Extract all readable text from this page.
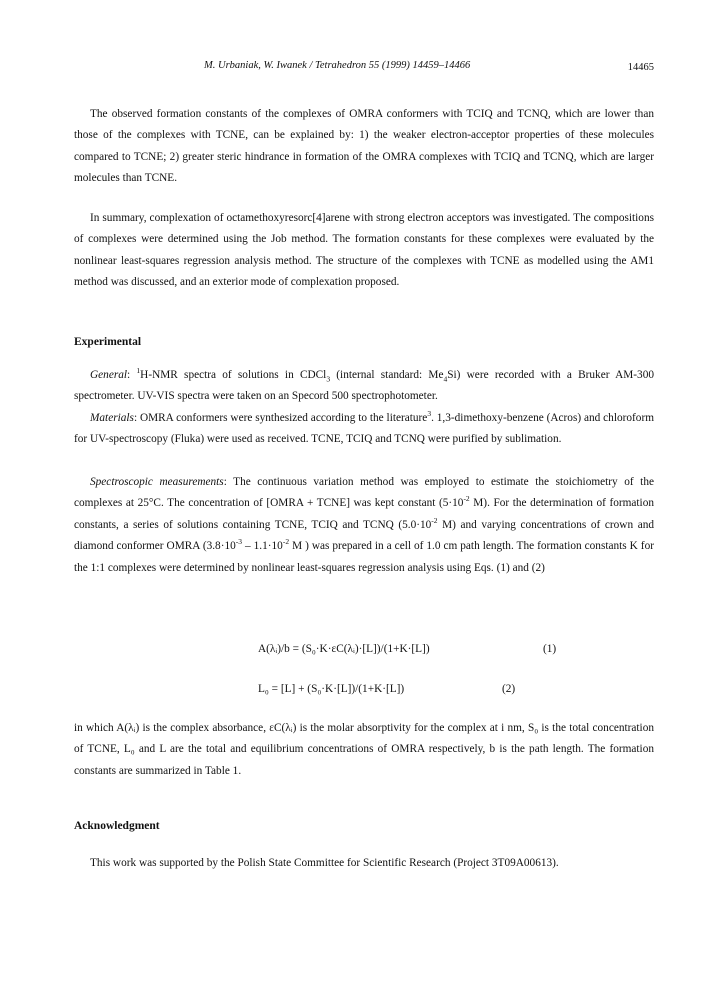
M. Urbaniak, W. Iwanek / Tetrahedron 55 (1999) 14459–14466	14465

The observed formation constants of the complexes of OMRA conformers with TCIQ and TCNQ, which are lower than those of the complexes with TCNE, can be explained by: 1) the weaker electron-acceptor properties of these molecules compared to TCNE; 2) greater steric hindrance in formation of the OMRA complexes with TCIQ and TCNQ, which are larger molecules than TCNE.

In summary, complexation of octamethoxyresorc[4]arene with strong electron acceptors was investigated. The compositions of complexes were determined using the Job method. The formation constants for these complexes were evaluated by the nonlinear least-squares regression analysis method. The structure of the complexes with TCNE as modelled using the AM1 method was discussed, and an exterior mode of complexation proposed.

Experimental

General: $^1$H-NMR spectra of solutions in CDCl$_3$ (internal standard: $Me_4Si$) were recorded with a Bruker AM-300 spectrometer. UV-VIS spectra were taken on an Specord 500 spectrophotometer.

Materials: OMRA conformers were synthesized according to the literature$^3$. 1,3-dimethoxy-benzene (Acros) and chloroform for UV-spectroscopy (Fluka) were used as received. TCNE, TCIQ and TCNQ were purified by sublimation.

Spectroscopic measurements: The continuous variation method was employed to estimate the stoichiometry of the complexes at 25°C. The concentration of [OMRA + TCNE] was kept constant ($5\cdot 10^{-2}$ M). For the determination of formation constants, a series of solutions containing TCNE, TCIQ and TCNQ ($5.0\cdot 10^{-2}$ M) and varying concentrations of crown and diamond conformer OMRA ($3.8\cdot 10^{-3} - 1.1\cdot 10^{-2}$ M ) was prepared in a cell of 1.0 cm path length. The formation constants K for the 1:1 complexes were determined by nonlinear least-squares regression analysis using Eqs. (1) and (2)

A(λᵢ)/b = (S₀·K·εC(λᵢ)·[L])/(1+K·[L])	(1)
L₀ = [L] + (S₀·K·[L])/(1+K·[L])	(2)

in which A(λᵢ) is the complex absorbance, εC(λᵢ) is the molar absorptivity for the complex at i nm, S₀ is the total concentration of TCNE, L₀ and L are the total and equilibrium concentrations of OMRA respectively, b is the path length. The formation constants are summarized in Table 1.

Acknowledgment

This work was supported by the Polish State Committee for Scientific Research (Project 3T09A00613).
